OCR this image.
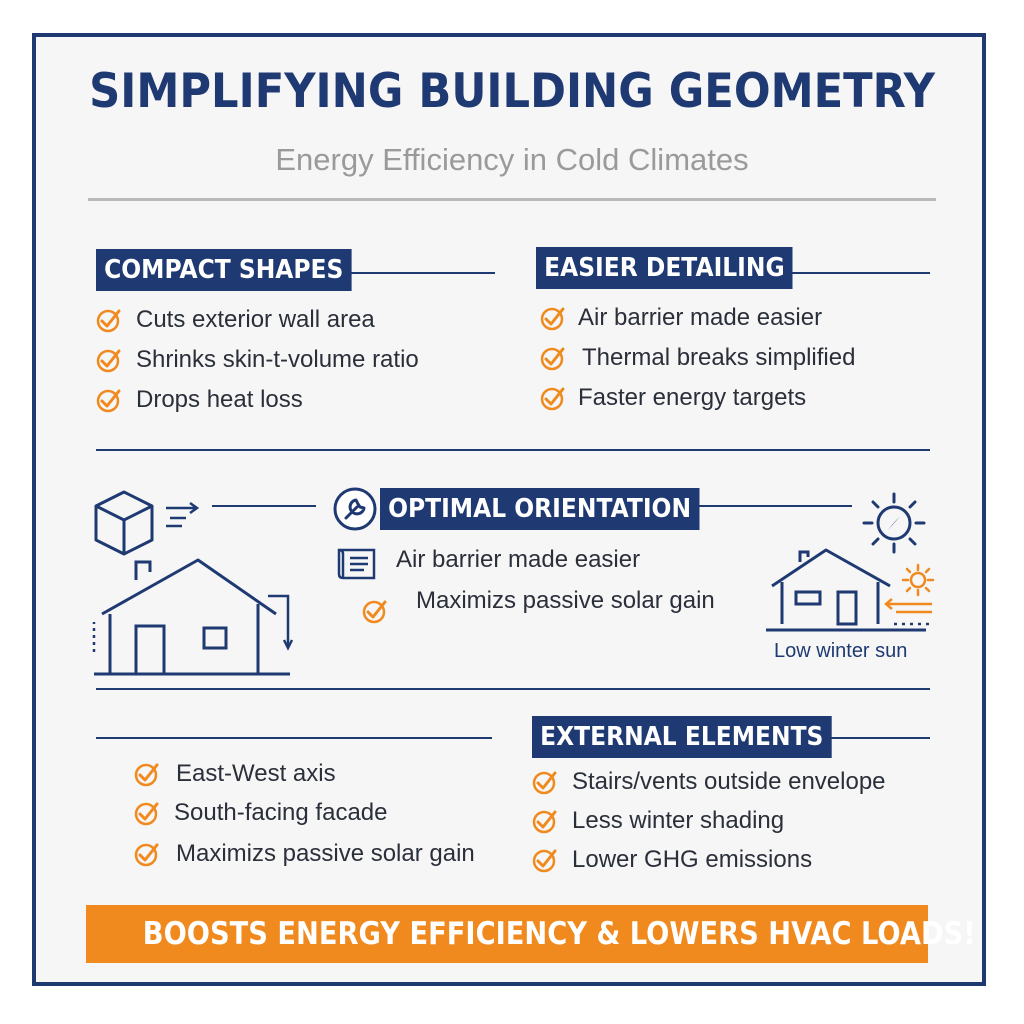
SIMPLIFYING BUILDING GEOMETRY

Energy Efficiency in Cold Climates

COMPACT SHAPES
Cuts exterior wall area
Shrinks skin-t-volume ratio
Drops heat loss
EASIER DETAILING
Air barrier made easier
Thermal breaks simplified
Faster energy targets
OPTIMAL ORIENTATION
Air barrier made easier
Maximizs passive solar gain
Low winter sun
East-West axis
South-facing facade
Maximizs passive solar gain
EXTERNAL ELEMENTS
Stairs/vents outside envelope
Less winter shading
Lower GHG emissions
BOOSTS ENERGY EFFICIENCY & LOWERS HVAC LOADS!
